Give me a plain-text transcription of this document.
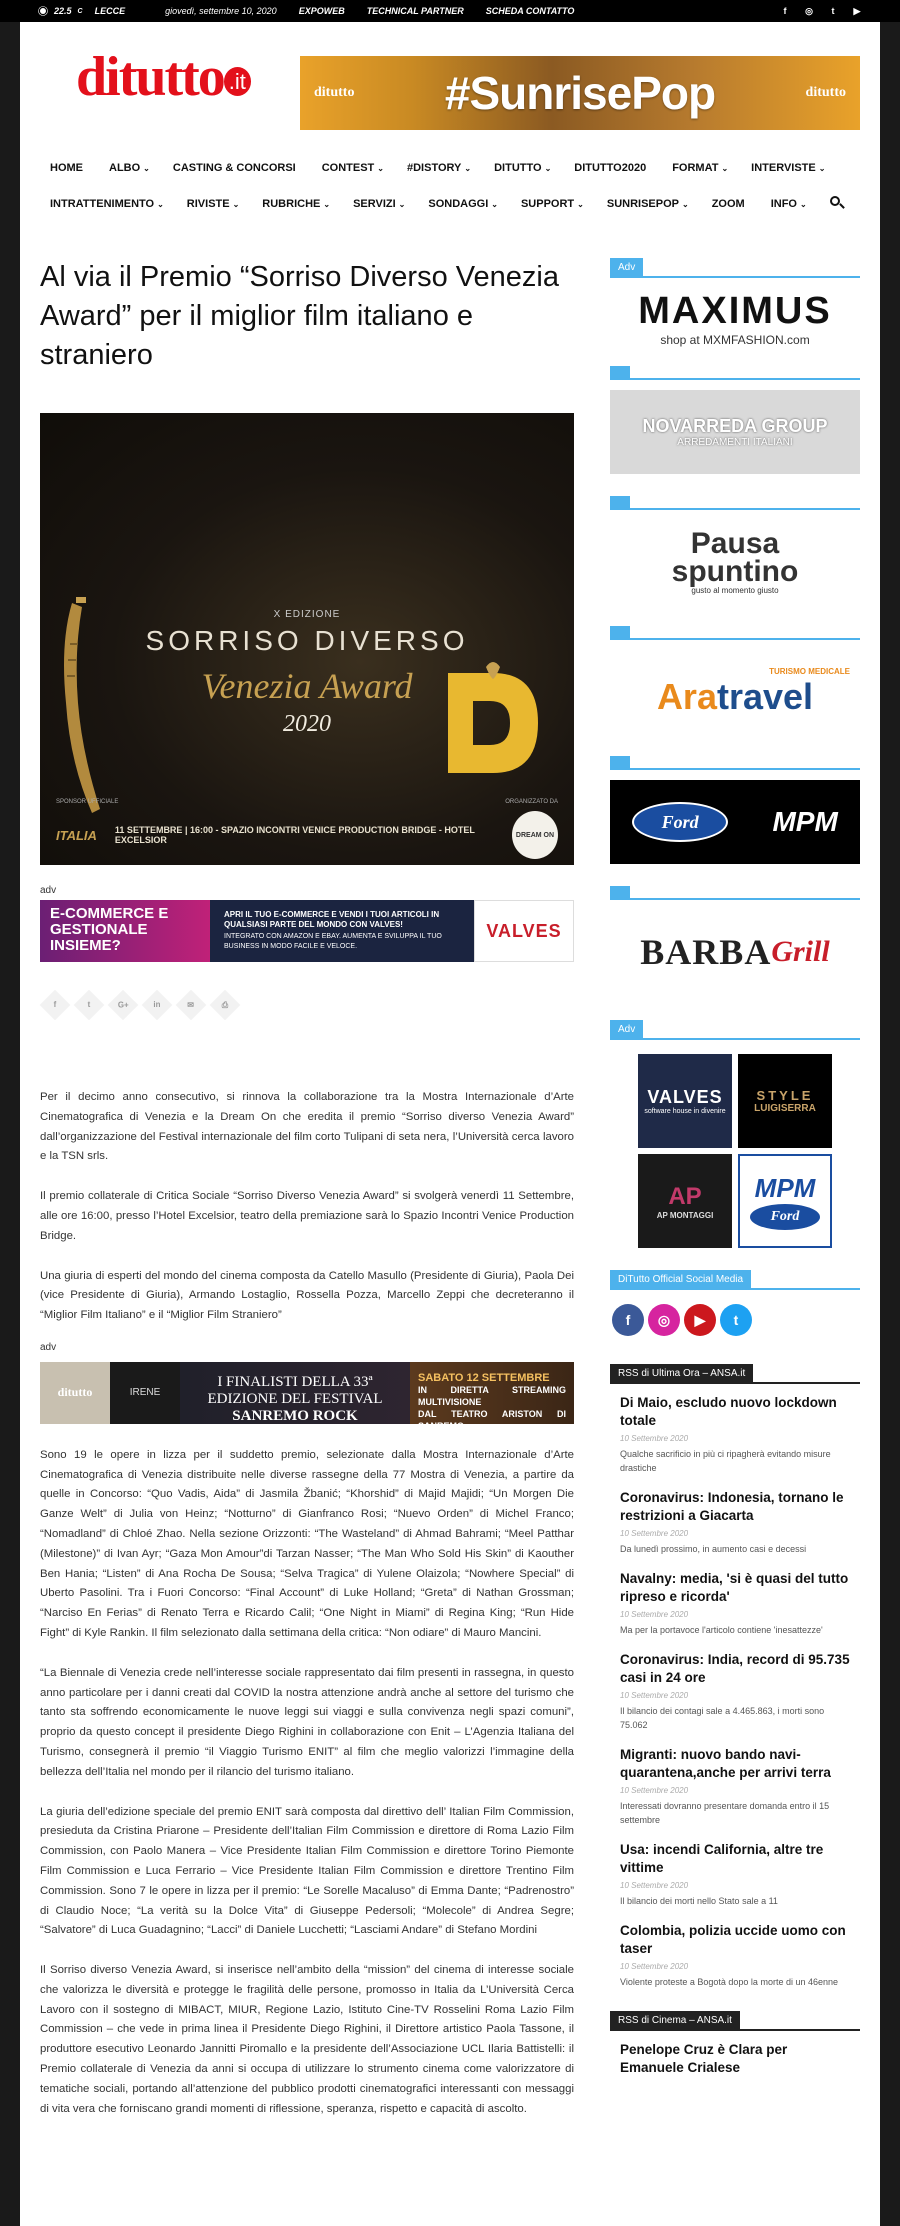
22.5 C LECCE	giovedì, settembre 10, 2020 EXPOWEB TECHNICAL PARTNER SCHEDA CONTATTO	f	◎	t	▶
ditutto .it	ditutto #SunrisePop	ditutto
HOME ALBO ⌄ CASTING & CONCORSI CONTEST ⌄ #DISTORY ⌄ DITUTTO ⌄ DITUTTO2020 FORMAT ⌄ INTERVISTE ⌄
INTRATTENIMENTO ⌄ RIVISTE ⌄ RUBRICHE ⌄ SERVIZI ⌄ SONDAGGI ⌄ SUPPORT ⌄ SUNRISEPOP ⌄ ZOOM INFO ⌄
Al via il Premio “Sorriso Diverso Venezia Award” per il miglior film italiano e straniero
X EDIZIONE
SORRISO DIVERSO
Venezia Award
2020
SPONSOR UFFICIALE	ORGANIZZATO DA
ITALIA 11 SETTEMBRE | 16:00 - SPAZIO INCONTRI VENICE PRODUCTION BRIDGE - HOTEL EXCELSIOR	DREAM ON
adv
E-COMMERCE E GESTIONALE INSIEME?
APRI IL TUO E-COMMERCE E VENDI I TUOI ARTICOLI IN QUALSIASI PARTE DEL MONDO CON VALVES!
INTEGRATO CON AMAZON E EBAY. AUMENTA E SVILUPPA IL TUO BUSINESS IN MODO FACILE E VELOCE.
VALVES
f	t G+ in ✉	⎙

Per il decimo anno consecutivo, si rinnova la collaborazione tra la Mostra Internazionale d’Arte Cinematografica di Venezia e la Dream On che eredita il premio “Sorriso diverso Venezia Award” dall’organizzazione del Festival internazionale del film corto Tulipani di seta nera, l’Università cerca lavoro e la TSN srls.

Il premio collaterale di Critica Sociale “Sorriso Diverso Venezia Award” si svolgerà venerdì 11 Settembre, alle ore 16:00, presso l’Hotel Excelsior, teatro della premiazione sarà lo Spazio Incontri Venice Production Bridge.

Una giuria di esperti del mondo del cinema composta da Catello Masullo (Presidente di Giuria), Paola Dei (vice Presidente di Giuria), Armando Lostaglio, Rossella Pozza, Marcello Zeppi che decreteranno il “Miglior Film Italiano” e il “Miglior Film Straniero”

adv
ditutto	IRENE
I FINALISTI DELLA 33ª
EDIZIONE DEL FESTIVAL
SANREMO ROCK
SABATO 12 SETTEMBRE
IN DIRETTA STREAMING MULTIVISIONE
DAL TEATRO ARISTON DI SANREMO

Sono 19 le opere in lizza per il suddetto premio, selezionate dalla Mostra Internazionale d’Arte Cinematografica di Venezia distribuite nelle diverse rassegne della 77 Mostra di Venezia, a partire da quelle in Concorso: “Quo Vadis, Aida” di Jasmila Žbanić; “Khorshid” di Majid Majidi; “Un Morgen Die Ganze Welt” di Julia von Heinz; “Notturno” di Gianfranco Rosi; “Nuevo Orden” di Michel Franco; “Nomadland” di Chloé Zhao. Nella sezione Orizzonti: “The Wasteland” di Ahmad Bahrami; “Meel Patthar (Milestone)” di Ivan Ayr; “Gaza Mon Amour”di Tarzan Nasser; “The Man Who Sold His Skin” di Kaouther Ben Hania; “Listen” di Ana Rocha De Sousa; “Selva Tragica” di Yulene Olaizola; “Nowhere Special” di Uberto Pasolini. Tra i Fuori Concorso: “Final Account” di Luke Holland; “Greta” di Nathan Grossman; “Narciso En Ferias” di Renato Terra e Ricardo Calil; “One Night in Miami” di Regina King; “Run Hide Fight” di Kyle Rankin. Il film selezionato dalla settimana della critica: “Non odiare” di Mauro Mancini.

“La Biennale di Venezia crede nell’interesse sociale rappresentato dai film presenti in rassegna, in questo anno particolare per i danni creati dal COVID la nostra attenzione andrà anche al settore del turismo che tanto sta soffrendo economicamente le nuove leggi sui viaggi e sulla convivenza negli spazi comuni”, proprio da questo concept il presidente Diego Righini in collaborazione con Enit – L’Agenzia Italiana del Turismo, consegnerà il premio “il Viaggio Turismo ENIT” al film che meglio valorizzi l’immagine della bellezza dell’Italia nel mondo per il rilancio del turismo italiano.

La giuria dell’edizione speciale del premio ENIT sarà composta dal direttivo dell’ Italian Film Commission, presieduta da Cristina Priarone – Presidente dell’Italian Film Commission e direttore di Roma Lazio Film Commission, con Paolo Manera – Vice Presidente Italian Film Commission e direttore Torino Piemonte Film Commission e Luca Ferrario – Vice Presidente Italian Film Commission e direttore Trentino Film Commission. Sono 7 le opere in lizza per il premio: “Le Sorelle Macaluso” di Emma Dante; “Padrenostro” di Claudio Noce; “La verità su la Dolce Vita” di Giuseppe Pedersoli; “Molecole” di Andrea Segre; “Salvatore” di Luca Guadagnino; “Lacci” di Daniele Lucchetti; “Lasciami Andare” di Stefano Mordini

Il Sorriso diverso Venezia Award, si inserisce nell’ambito della “mission” del cinema di interesse sociale che valorizza le diversità e protegge le fragilità delle persone, promosso in Italia da L’Università Cerca Lavoro con il sostegno di MIBACT, MIUR, Regione Lazio, Istituto Cine-TV Rosselini Roma Lazio Film Commission – che vede in prima linea il Presidente Diego Righini, il Direttore artistico Paola Tassone, il produttore esecutivo Leonardo Jannitti Piromallo e la presidente dell’Associazione UCL Ilaria Battistelli: il Premio collaterale di Venezia da anni si occupa di utilizzare lo strumento cinema come valorizzatore di tematiche sociali, portando all’attenzione del pubblico prodotti cinematografici interessanti con messaggi di vita vera che forniscano grandi momenti di riflessione, speranza, rispetto e capacità di ascolto.

Adv
MAXIMUS
shop at MXMFASHION.com
NOVARREDA GROUP
ARREDAMENTI ITALIANI
Pausa
spuntino
gusto al momento giusto
TURISMO MEDICALE
Aratravel
Ford	MPM
BARBA Grill
Adv
VALVES
software house in divenire
STYLE
LUIGISERRA
AP
AP MONTAGGI
MPM
Ford
DiTutto Official Social Media
f	◎	▶	t
RSS di Ultima Ora – ANSA.it
Di Maio, escludo nuovo lockdown totale
10 Settembre 2020
Qualche sacrificio in più ci ripagherà evitando misure drastiche
Coronavirus: Indonesia, tornano le restrizioni a Giacarta
10 Settembre 2020
Da lunedì prossimo, in aumento casi e decessi
Navalny: media, 'si è quasi del tutto ripreso e ricorda'
10 Settembre 2020
Ma per la portavoce l'articolo contiene 'inesattezze'
Coronavirus: India, record di 95.735 casi in 24 ore
10 Settembre 2020
Il bilancio dei contagi sale a 4.465.863, i morti sono 75.062
Migranti: nuovo bando navi-quarantena,anche per arrivi terra
10 Settembre 2020
Interessati dovranno presentare domanda entro il 15 settembre
Usa: incendi California, altre tre vittime
10 Settembre 2020
Il bilancio dei morti nello Stato sale a 11
Colombia, polizia uccide uomo con taser
10 Settembre 2020
Violente proteste a Bogotà dopo la morte di un 46enne
RSS di Cinema – ANSA.it
Penelope Cruz è Clara per Emanuele Crialese
